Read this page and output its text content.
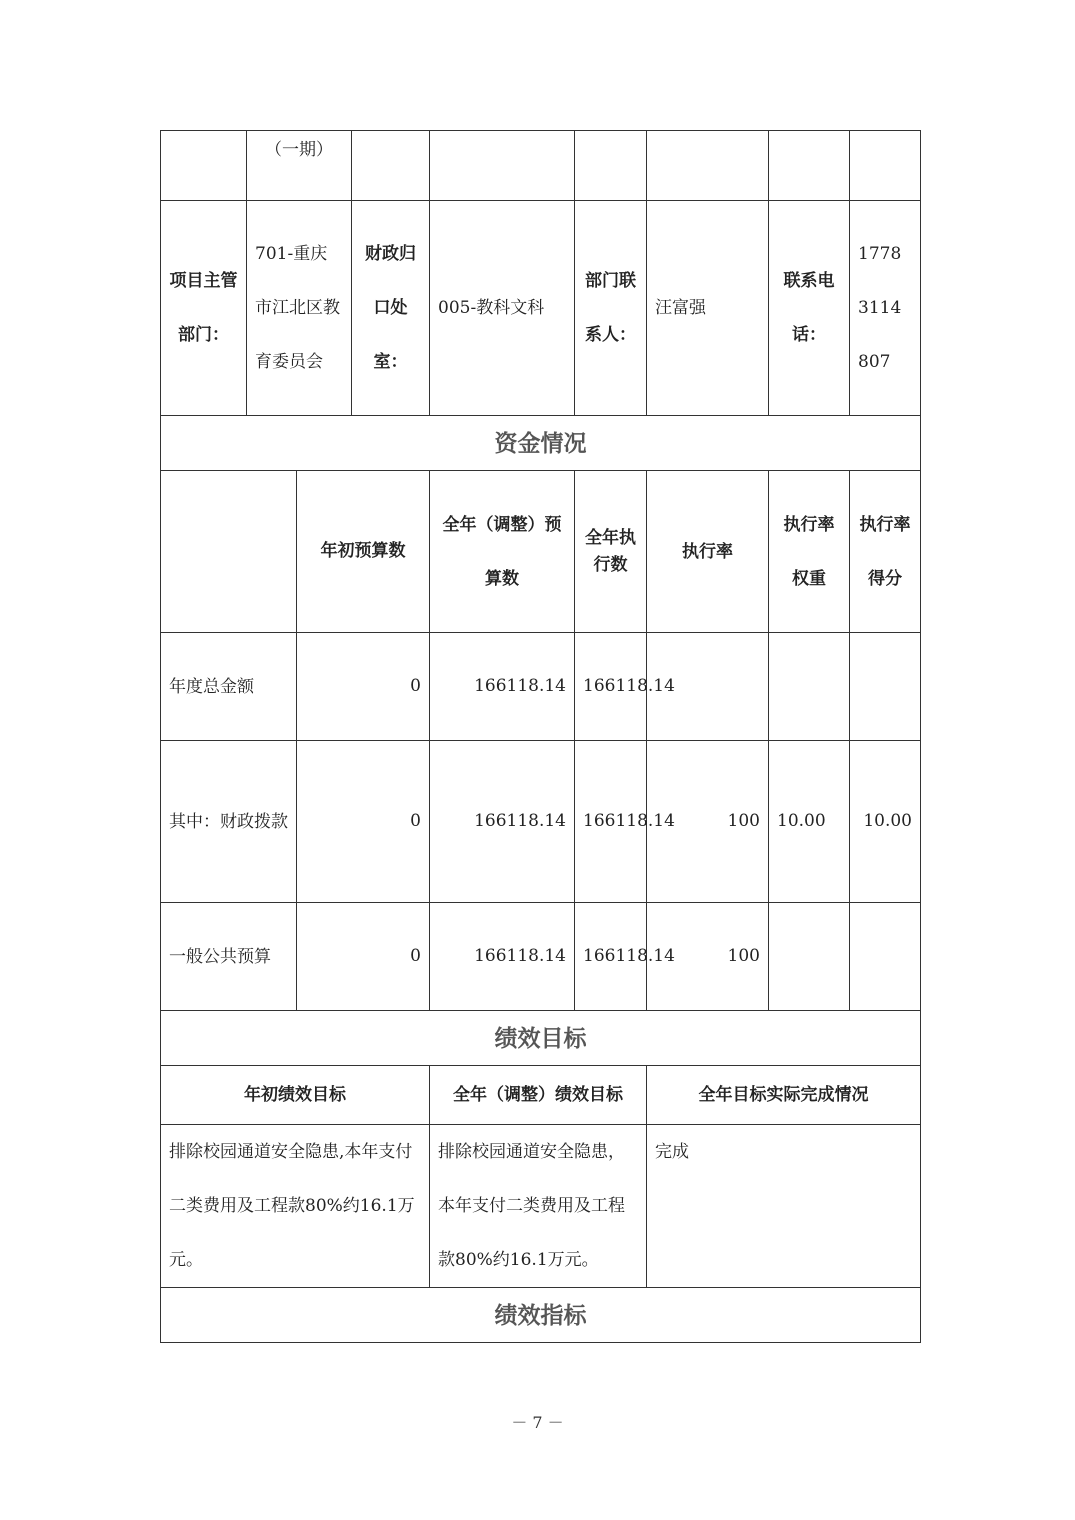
	（一期）							
项目主管部门：	701-重庆市江北区教育委员会		财政归口处室：	005-教科文科	部门联系人：	汪富强	联系电话：	17783114807
资金情况								
		年初预算数		全年（调整）预算数	全年执行数	执行率	执行率权重	执行率得分
年度总金额		0		166118.14	166118.14			
其中：财政拨款		0		166118.14	166118.14	100	10.00	10.00
一般公共预算		0		166118.14	166118.14	100		
绩效目标								
年初绩效目标				全年（调整）绩效目标		全年目标实际完成情况		
排除校园通道安全隐患,本年支付二类费用及工程款80%约16.1万元。				排除校园通道安全隐患，本年支付二类费用及工程款80%约16.1万元。		完成		
绩效指标								
－ 7 －
